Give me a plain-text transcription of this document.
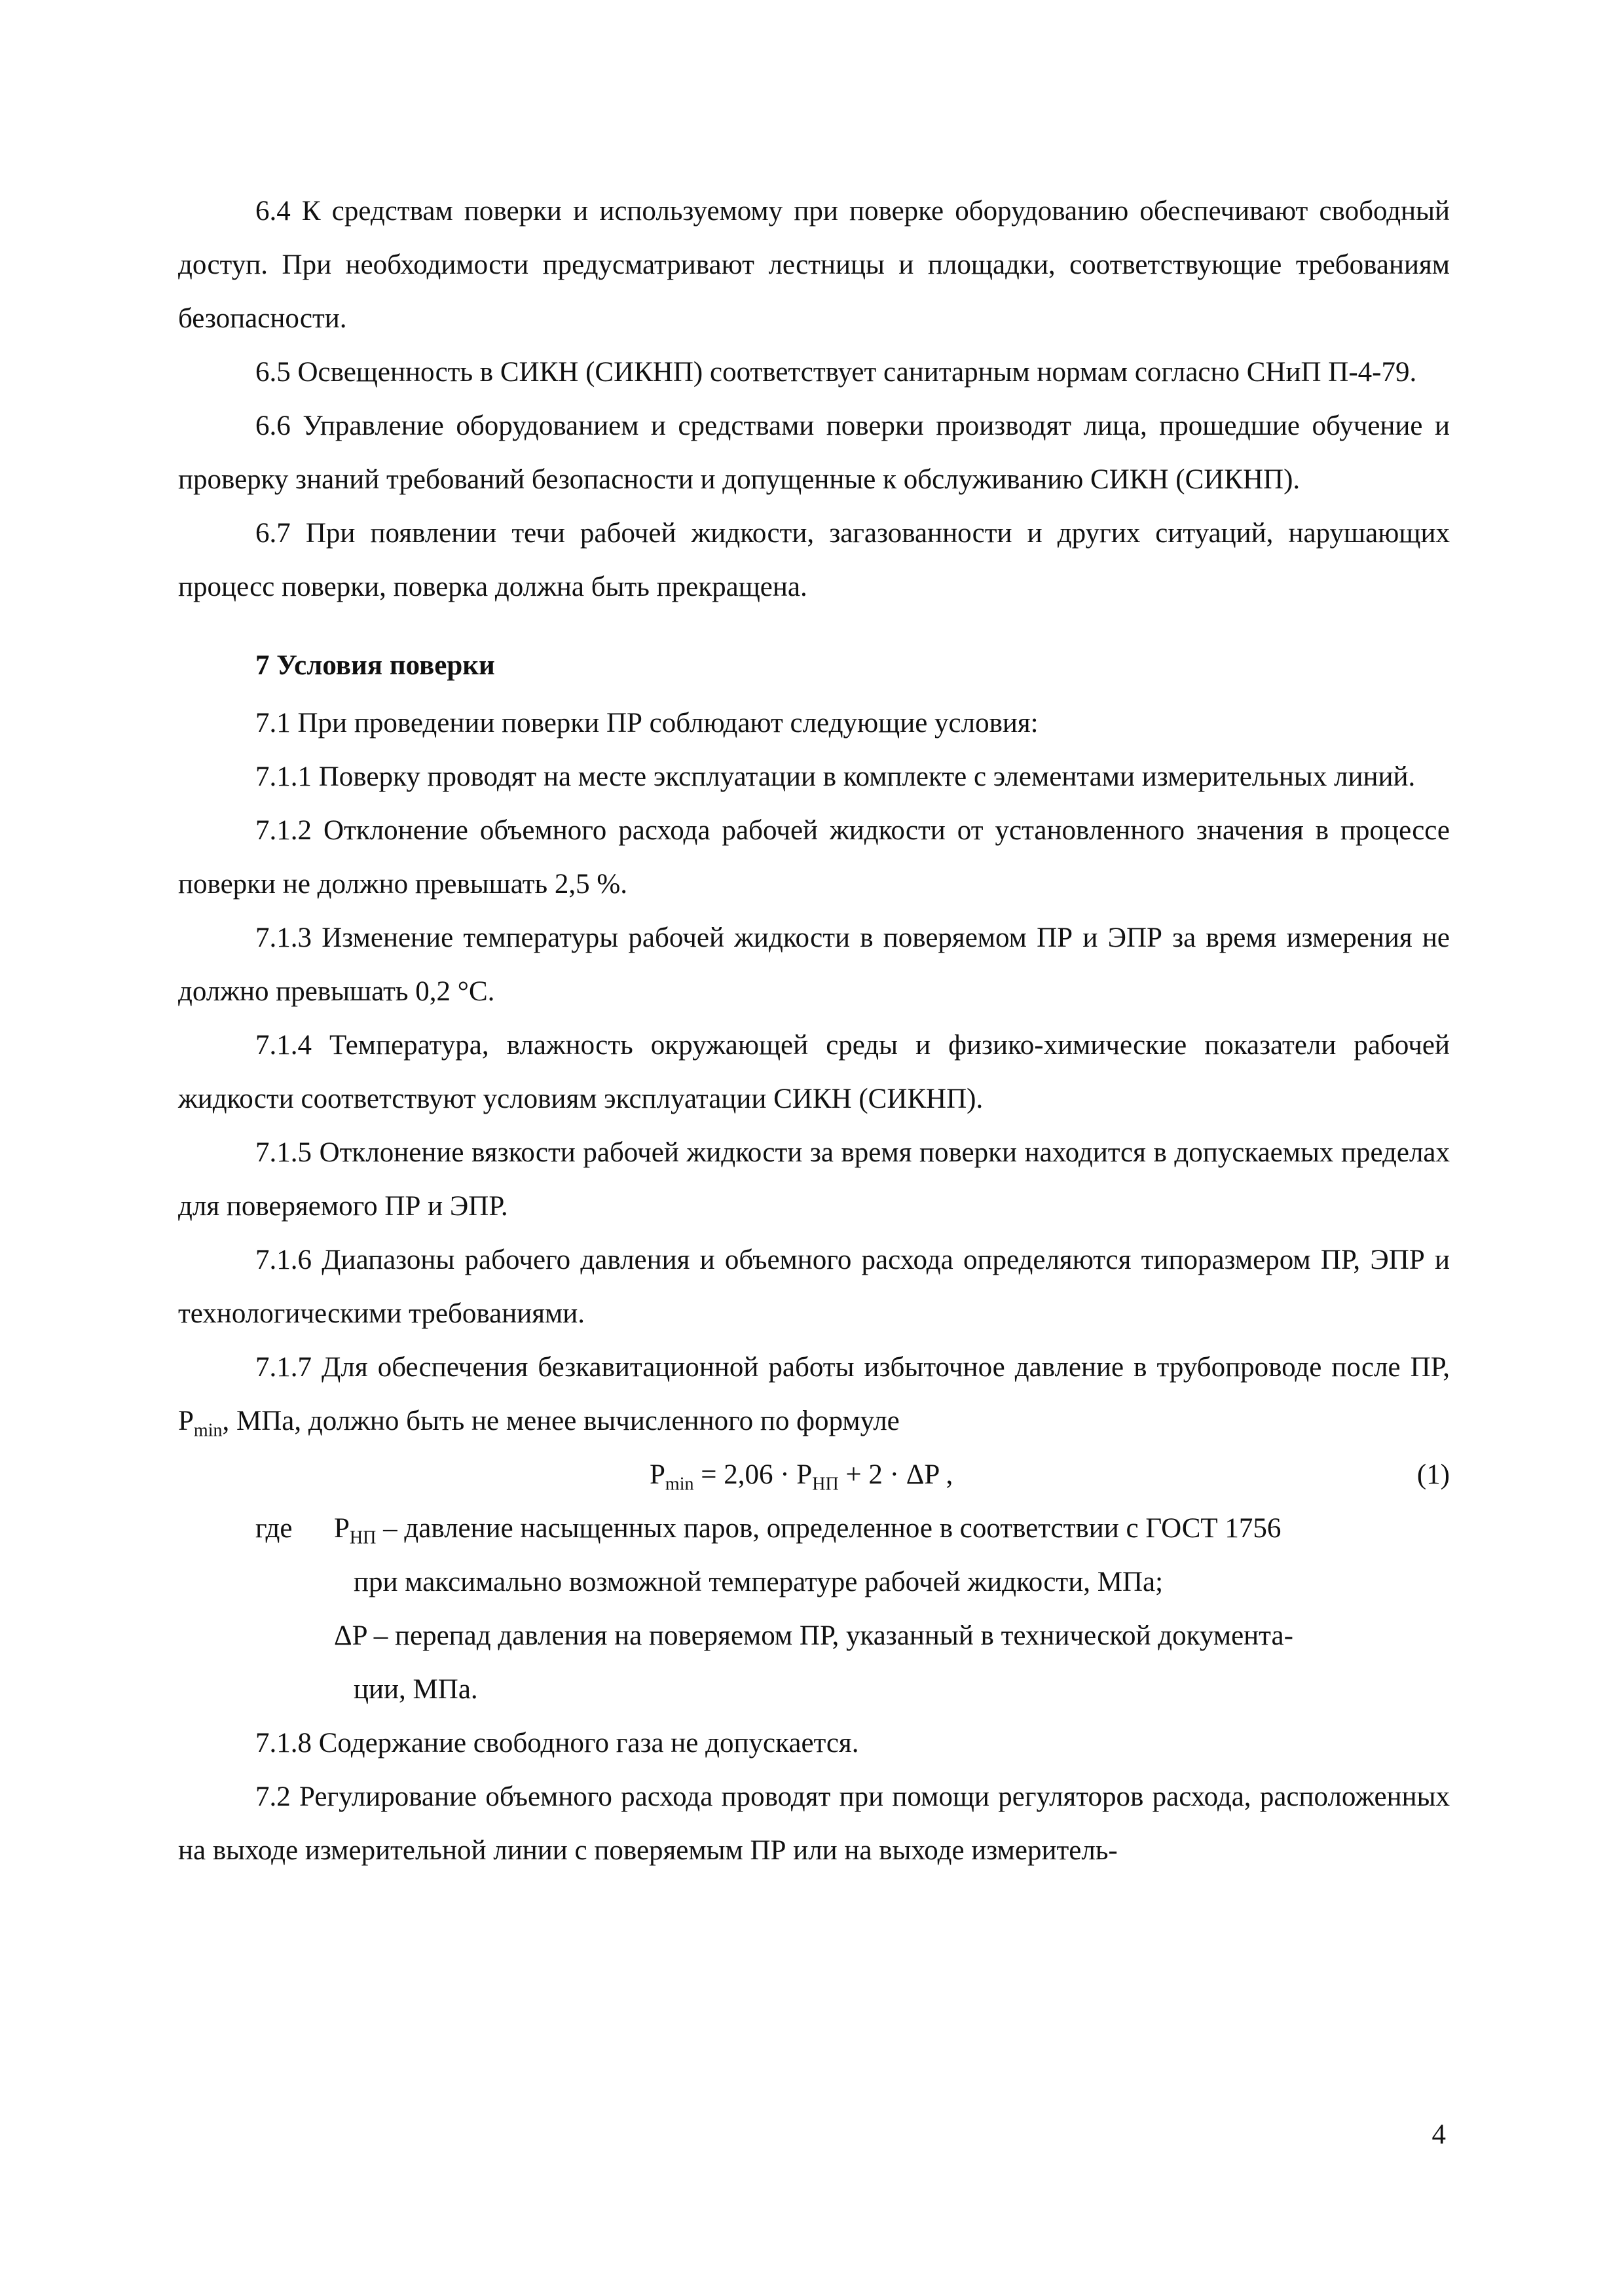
6.4 К средствам поверки и используемому при поверке оборудованию обеспечивают свободный доступ. При необходимости предусматривают лестницы и площадки, соответствующие требованиям безопасности.

6.5 Освещенность в СИКН (СИКНП) соответствует санитарным нормам согласно СНиП П-4-79.

6.6 Управление оборудованием и средствами поверки производят лица, прошедшие обучение и проверку знаний требований безопасности и допущенные к обслуживанию СИКН (СИКНП).

6.7 При появлении течи рабочей жидкости, загазованности и других ситуаций, нарушающих процесс поверки, поверка должна быть прекращена.

7 Условия поверки

7.1 При проведении поверки ПР соблюдают следующие условия:

7.1.1 Поверку проводят на месте эксплуатации в комплекте с элементами измерительных линий.

7.1.2 Отклонение объемного расхода рабочей жидкости от установленного значения в процессе поверки не должно превышать 2,5 %.

7.1.3 Изменение температуры рабочей жидкости в поверяемом ПР и ЭПР за время измерения не должно превышать 0,2 °С.

7.1.4 Температура, влажность окружающей среды и физико-химические показатели рабочей жидкости соответствуют условиям эксплуатации СИКН (СИКНП).

7.1.5 Отклонение вязкости рабочей жидкости за время поверки находится в допускаемых пределах для поверяемого ПР и ЭПР.

7.1.6 Диапазоны рабочего давления и объемного расхода определяются типоразмером ПР, ЭПР и технологическими требованиями.

7.1.7 Для обеспечения безкавитационной работы избыточное давление в трубопроводе после ПР, $P_{min}$, МПа, должно быть не менее вычисленного по формуле

$P_{min} = 2,06 \cdot P_{НП} + 2 \cdot \Delta P$ ,	(1)
где	$P_{НП}$ – давление насыщенных паров, определенное в соответствии с ГОСТ 1756
при максимально возможной температуре рабочей жидкости, МПа;
ΔP – перепад давления на поверяемом ПР, указанный в технической документа-
ции, МПа.

7.1.8 Содержание свободного газа не допускается.

7.2 Регулирование объемного расхода проводят при помощи регуляторов расхода, расположенных на выходе измерительной линии с поверяемым ПР или на выходе измеритель-

4
